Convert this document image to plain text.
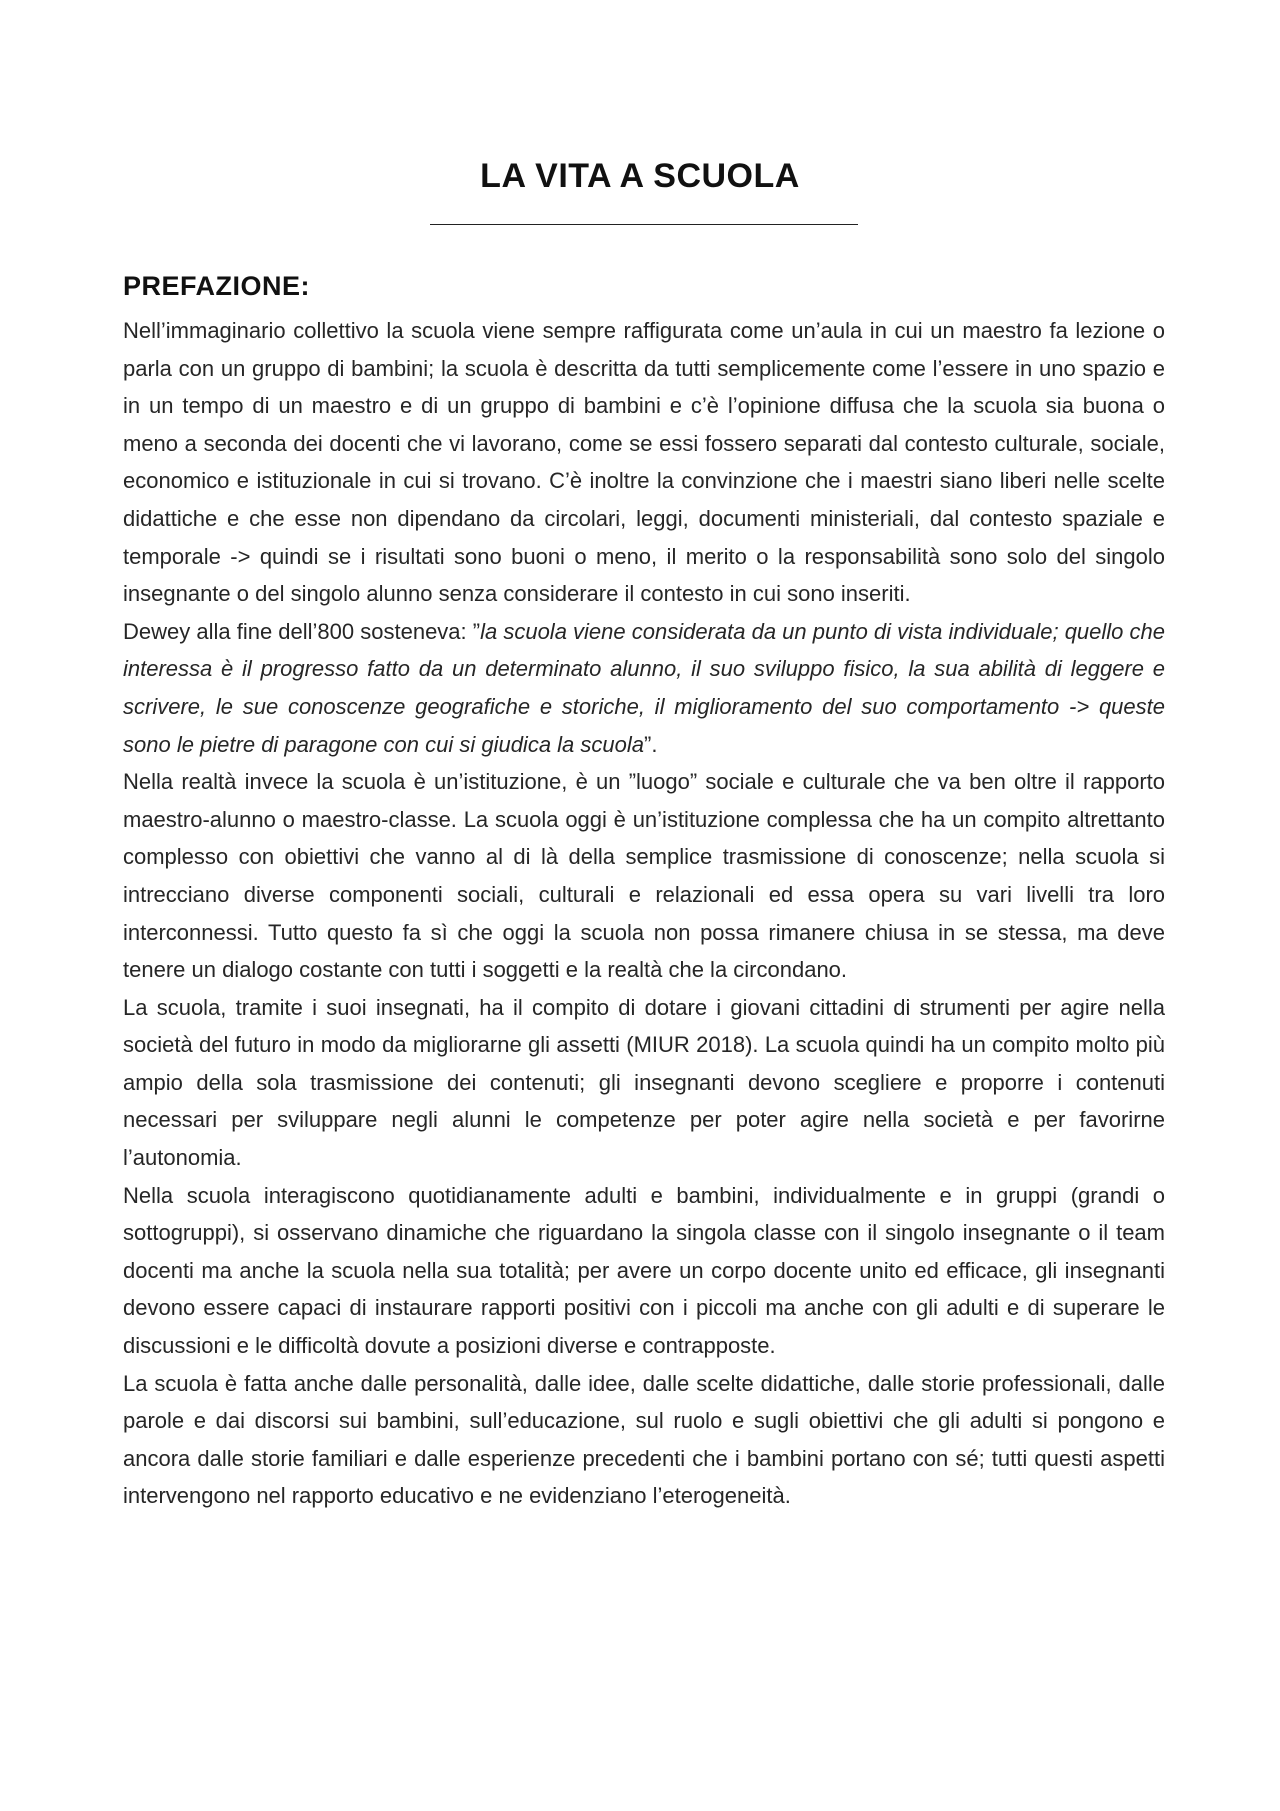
LA VITA A SCUOLA
PREFAZIONE:

Nell’immaginario collettivo la scuola viene sempre raffigurata come un’aula in cui un maestro fa lezione o parla con un gruppo di bambini; la scuola è descritta da tutti semplicemente come l’essere in uno spazio e in un tempo di un maestro e di un gruppo di bambini e c’è l’opinione diffusa che la scuola sia buona o meno a seconda dei docenti che vi lavorano, come se essi fossero separati dal contesto culturale, sociale, economico e istituzionale in cui si trovano. C’è inoltre la convinzione che i maestri siano liberi nelle scelte didattiche e che esse non dipendano da circolari, leggi, documenti ministeriali, dal contesto spaziale e temporale -> quindi se i risultati sono buoni o meno, il merito o la responsabilità sono solo del singolo insegnante o del singolo alunno senza considerare il contesto in cui sono inseriti.

Dewey alla fine dell’800 sosteneva: ”la scuola viene considerata da un punto di vista individuale; quello che interessa è il progresso fatto da un determinato alunno, il suo sviluppo fisico, la sua abilità di leggere e scrivere, le sue conoscenze geografiche e storiche, il miglioramento del suo comportamento -> queste sono le pietre di paragone con cui si giudica la scuola”.

Nella realtà invece la scuola è un’istituzione, è un ”luogo” sociale e culturale che va ben oltre il rapporto maestro-alunno o maestro-classe. La scuola oggi è un’istituzione complessa che ha un compito altrettanto complesso con obiettivi che vanno al di là della semplice trasmissione di conoscenze; nella scuola si intrecciano diverse componenti sociali, culturali e relazionali ed essa opera su vari livelli tra loro interconnessi. Tutto questo fa sì che oggi la scuola non possa rimanere chiusa in se stessa, ma deve tenere un dialogo costante con tutti i soggetti e la realtà che la circondano.

La scuola, tramite i suoi insegnati, ha il compito di dotare i giovani cittadini di strumenti per agire nella società del futuro in modo da migliorarne gli assetti (MIUR 2018). La scuola quindi ha un compito molto più ampio della sola trasmissione dei contenuti; gli insegnanti devono scegliere e proporre i contenuti necessari per sviluppare negli alunni le competenze per poter agire nella società e per favorirne l’autonomia.

Nella scuola interagiscono quotidianamente adulti e bambini, individualmente e in gruppi (grandi o sottogruppi), si osservano dinamiche che riguardano la singola classe con il singolo insegnante o il team docenti ma anche la scuola nella sua totalità; per avere un corpo docente unito ed efficace, gli insegnanti devono essere capaci di instaurare rapporti positivi con i piccoli ma anche con gli adulti e di superare le discussioni e le difficoltà dovute a posizioni diverse e contrapposte.

La scuola è fatta anche dalle personalità, dalle idee, dalle scelte didattiche, dalle storie professionali, dalle parole e dai discorsi sui bambini, sull’educazione, sul ruolo e sugli obiettivi che gli adulti si pongono e ancora dalle storie familiari e dalle esperienze precedenti che i bambini portano con sé; tutti questi aspetti intervengono nel rapporto educativo e ne evidenziano l’eterogeneità.
